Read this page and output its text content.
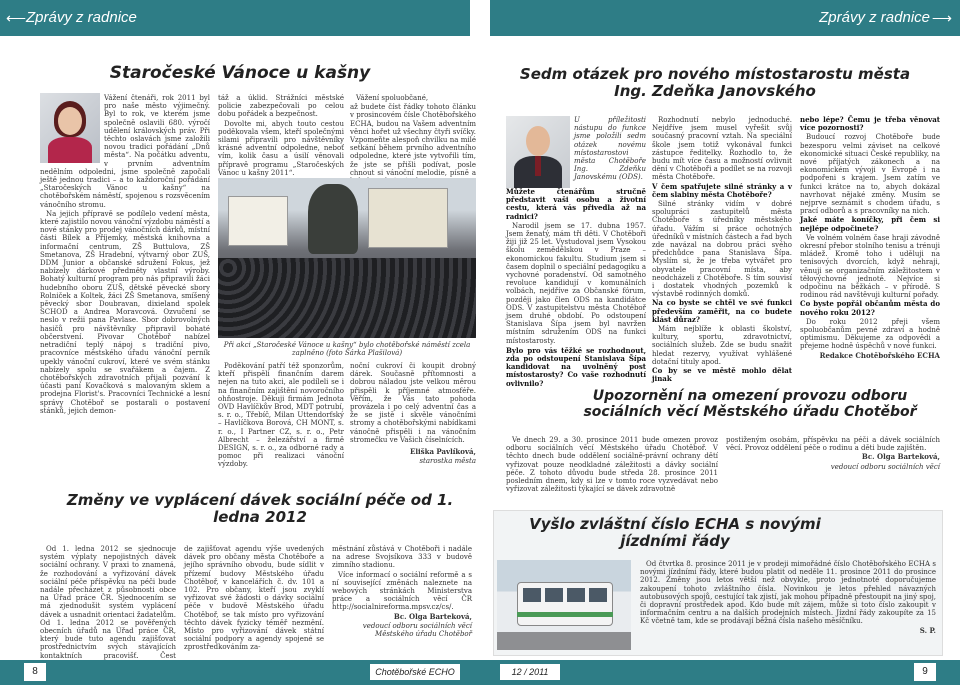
⟵ Zprávy z radnice	Zprávy z radnice ⟶
Staročeské Vánoce u kašny

Vážení čtenáři, rok 2011 byl pro naše město výjimečný. Byl to rok, ve kterém jsme společně oslavili 680. výročí udělení královských práv. Při těchto oslavách jsme založili novou tradici pořádání „Dnů města“. Na počátku adventu, v prvním adventním nedělním odpoledni, jsme společně započali ještě jednou tradici – a to každoroční pořádání „Staročeských Vánoc u kašny“ na chotěbořském náměstí, spojenou s rozsvěcením vánočního stromu.

Na jejich přípravě se podílelo vedení města, které zajistilo novou vánoční výzdobu náměstí a nové stánky pro prodej vánočních dárků, místní části Bílek a Příjemky, městská knihovna a informační centrum, ZŠ Buttulova, ZŠ Smetanova, ZŠ Hradební, výtvarný obor ZUŠ, DDM Junior a občanské sdružení Fokus, jež nabízely dárkové předměty vlastní výroby. Bohatý kulturní program pro nás připravili žáci hudebního oboru ZUŠ, dětské pěvecké sbory Rolniček a Koltek, žáci ZŠ Smetanova, smíšený pěvecký sbor Doubravan, dixieland spolek SCHOD a Andrea Moravcová. Ozvučení se neslo v režii pana Pavlase. Sbor dobrovolných hasičů pro návštěvníky připravil bohaté občerstvení. Pivovar Chotěboř nabízel netradiční teplý nápoj s tradiční pivo, pracovníce městského úřadu vánoční perník upekly vánoční cukroví, které ve svém stánku nabízely spolu se svařákem a čajem. Z chotěbořských zdravotních přijali pozvání k účasti paní Kovačková s malovaným sklem a prodejna Florist's. Pracovníci Technické a lesní správy Chotěboř se postarali o postavení stánků, jejich demon-

táž a úklid. Strážníci městské policie zabezpečovali po celou dobu pořádek a bezpečnost.

Dovolte mi, abych touto cestou poděkovala všem, kteří společnými silami připravili pro návštěvníky krásné adventní odpoledne, neboť vím, kolik času a úsilí věnovali přípravě programu „Staročeských Vánoc u kašny 2011“.

Vážení spoluobčané,

až budete číst řádky tohoto článku v prosincovém čísle Chotěbořského ECHA, budou na Vašem adventním věnci hořet už všechny čtyři svíčky. Vzpomeňte alespoň chvilku na milé setkání během prvního adventního odpoledne, které jste vytvořili tím, že jste se přišli podívat, posle chnout si vánoční melodie, písně a

Při akci „Staročeské Vánoce u kašny“ bylo chotěbořské náměstí zcela zaplněno (foto Šárka Plašilová)

Poděkování patří též sponzorům, kteří přispěli finančním darem nejen na tuto akci, ale podíleli se i na finančním zajištění novoročního ohňostroje. Děkuji firmám Jednota OVD Havlíčkův Brod, MDT potrubí, s. r. o., Třebíč, Milan Uttendorfský – Havlíčkova Borová, CH MONT, s. r. o., I Partner CZ, s. r. o., Petr Albrecht – železářství a firmě DESIGN, s. r. o., za odborné rady a pomoc při realizaci vánoční výzdoby.

noční cukroví či koupit drobný dárek. Současně přítomnosti a dobrou náladou jste velkou měrou přispěli k příjemné atmosféře. Věřím, že Vás tato pohoda provázela i po celý adventní čas a že se jistě i skvěle vánočními stromy a chotěbořskými nabídkami vánočně přispěli i na vánočním stromečku ve Vašich číselnících.

Eliška Pavlíková,

starostka města

Změny ve vyplácení dávek sociální péče od 1. ledna 2012

Od 1. ledna 2012 se sjednocuje systém výplaty nepojistných dávek sociální ochrany. V praxi to znamená, že rozhodování a vyřizování dávek sociální péče příspěvku na péči bude nadále přecházet z působnosti obce na Úřad práce ČR. Sjednocením se má zjednodušit systém vyplácení dávek a usnadnit orientaci žadatelům. Od 1. ledna 2012 se pověřených obecních úřadů na Úřad práce ČR, který bude tuto agendu zajišťovat prostřednictvím svých stávajících kontaktních pracovišť. Čest

de zajišťovat agendu výše uvedených dávek pro občany města Chotěboře a jejího správního obvodu, bude sídlit v přízemí budovy Městského úřadu Chotěboř, v kancelářích č. dv. 101 a 102. Pro občany, kteří jsou zvyklí vyřizovat své žádosti o dávky sociální péče v budově Městského úřadu Chotěboř, se tak místo pro vyřizování těchto dávek fyzicky téměř nezmění. Místo pro vyřizování dávek státní sociální podpory a agendy spojené se zprostředkováním za-

městnání zůstává v Chotěboři i nadále na adrese Svojsíkova 333 v budově zimního stadionu.

Více informací o sociální reformě a s ní související změnách naleznete na webových stránkách Ministerstva práce a sociálních věcí ČR http://socialnireforma.mpsv.cz/cs/.

Bc. Olga Barteková,

vedoucí odboru sociálních věcí Městského úřadu Chotěboř

Sedm otázek pro nového místostarostu města Ing. Zdeňka Janovského
U příležitosti nástupu do funkce jsme položili sedm otázek novému místostarostovi města Chotěboře Ing. Zdeňku Janovskému (ODS).

Můžete čtenářům stručně představit vaši osobu a životní cestu, která vás přivedla až na radnici?

Narodil jsem se 17. dubna 1957. Jsem ženatý, mám tři děti. V Chotěboři žiji již 25 let. Vystudoval jsem Vysokou školu zemědělskou v Praze – ekonomickou fakultu. Studium jsem si časem doplnil o speciální pedagogiku a vychovné poradenství. Od samotného revoluce kandidují v komunálních volbách, nejdříve za Občanské fórum, později jako člen ODS na kandidátce ODS. V zastupitelstvu města Chotěboř jsem druhé období. Po odstoupení Stanislava Šípa jsem byl navržen místním sdružením ODS na funkci místostarosty.

Bylo pro vás těžké se rozhodnout, zda po odstoupení Stanislava Šípa kandidovat na uvolněný post místostarosty? Co vaše rozhodnutí ovlivnilo?

Rozhodnutí nebylo jednoduché. Nejdříve jsem musel vyřešit svůj současný pracovní vztah. Na speciální škole jsem totiž vykonával funkci zástupce ředitelky. Rozhodlo to, že budu mít více času a možností ovlivnit dění v Chotěboři a podílet se na rozvoji města Chotěboře.

V čem spatřujete silné stránky a v čem slabiny města Chotěboře?

Silné stránky vidím v dobré spolupráci zastupitelů města Chotěboře s úředníky městského úřadu. Vážím si práce ochotných úředníků v místních částech a řad bych zde navázal na dobrou práci svého předchůdce pana Stanislava Šípa. Myslím si, že je třeba vytvářet pro obyvatele pracovní místa, aby neodcházeli z Chotěboře. S tím souvisí i dostatek vhodných pozemků k výstavbě rodinných domků.

Na co byste se chtěl ve své funkci především zaměřit, na co budete klást důraz?

Mám nejblíže k oblasti školství, kultury, sportu, zdravotnictví, sociálních služeb. Zde se budu snažit hledat rezervy, využívat vyhlášené dotační tituly apod.

Co by se ve městě mohlo dělat jinak

nebo lépe? Čemu je třeba věnovat více pozornosti?

Budoucí rozvoj Chotěboře bude bezesporu velmi záviset na celkové ekonomické situaci České republiky, na nové příjatých zákonech a na ekonomickém vývoji v Evropě i na podpořeni s krajem. Jsem zatím ve funkci krátce na to, abych dokázal navrhovat nějaké změny. Musím se nejprve seznámit s chodem úřadu, s prací odborů a s pracovníky na nich.

Jaké máte koníčky, při čem si nejlépe odpočinete?

Ve volném volném čase hraji závodně okresní přebor stolního tenisu a trénuji mládež. Kromě toho i uděluji na tenisových dvorcích, když nehraji, věnuji se organizačním záležitostem v těłovýchovné jednotě. Nejvíce si odpočinu na běžkách – v přírodě. S rodinou rád navštěvuji kulturní pořady.

Co byste popřál občanům města do nového roku 2012?

Do roku 2012 přeji všem spoluobčanům pevné zdraví a hodně optimismu. Děkujeme za odpovědi a přejeme hodně úspěchů v nové funkci.

Redakce Chotěbořského ECHA

Upozornění na omezení provozu odboru sociálních věcí Městského úřadu Chotěboř

Ve dnech 29. a 30. prosince 2011 bude omezen provoz odboru sociálních věcí Městského úřadu Chotěboř. V těchto dnech bude oddělení sociálně-právní ochrany dětí vyřizovat pouze neodkladné záležitosti a dávky sociální péče. Z tohoto důvodu bude středa 28. prosince 2011 posledním dnem, kdy si lze v tomto roce vyzvedávat nebo vyřizovat záležitosti týkající se dávek zdravotně

postiženým osobám, příspěvku na péči a dávek sociálních věcí. Provoz oddělení péče o rodinu a děti bude zajištěn.

Bc. Olga Barteková,

vedoucí odboru sociálních věcí

Vyšlo zvláštní číslo ECHA s novými jízdními řády

Od čtvrtka 8. prosince 2011 je v prodeji mimořádné číslo Chotěbořského ECHA s novými jízdními řády, které budou platit od neděle 11. prosince 2011 do prosince 2012. Změny jsou letos větší než obvykle, proto jednotnoté doporučujeme zakoupení tohoto zvláštního čísla. Novinkou je letos přehled návazných autobusových spojů, cestující tak zjistí, jak mohou případně přestoupit na jiný spoj, či dopravní prostředek apod. Kdo bude mít zájem, může si toto číslo zakoupit v informačním centru a na dalších prodejních místech. Jízdní řády zakoupíte za 15 Kč včetně tam, kde se prodávají běžná čísla našeho měsíčníku.

S. P.

8	Chotěbořské ECHO	12 / 2011	9
